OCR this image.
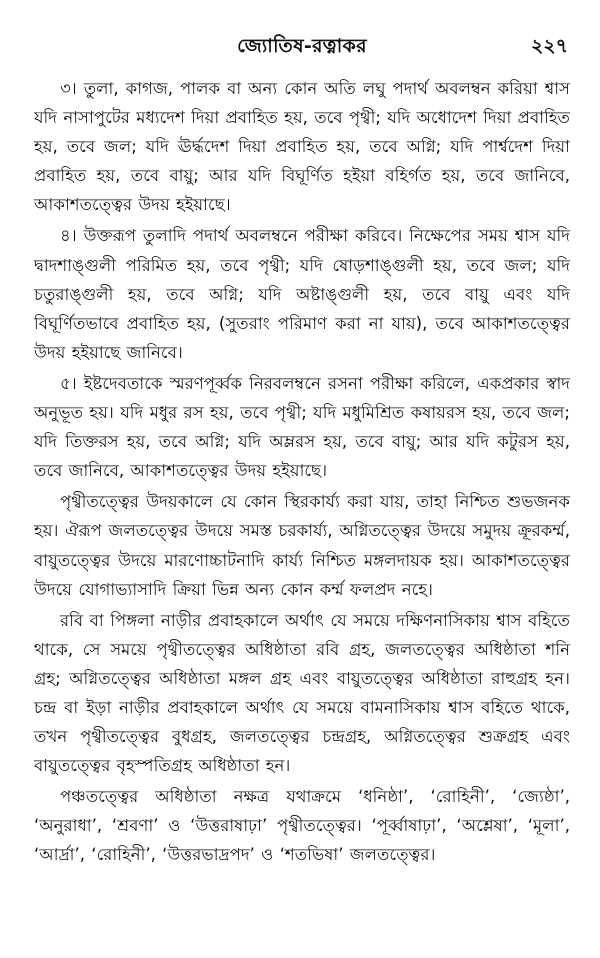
জ্যোতিষ-রত্নাকর	২২৭

৩। তুলা, কাগজ, পালক বা অন্য কোন অতি লঘু পদার্থ অবলম্বন করিয়া শ্বাস যদি নাসাপুটের মধ্যদেশ দিয়া প্রবাহিত হয়, তবে পৃথ্বী; যদি অধোদেশ দিয়া প্রবাহিত হয়, তবে জল; যদি ঊর্দ্ধদেশ দিয়া প্রবাহিত হয়, তবে অগ্নি; যদি পার্শ্বদেশ দিয়া প্রবাহিত হয়, তবে বায়ু; আর যদি বিঘূর্ণিত হইয়া বহির্গত হয়, তবে জানিবে, আকাশতত্ত্বের উদয় হইয়াছে।

৪। উক্তরূপ তুলাদি পদার্থ অবলম্বনে পরীক্ষা করিবে। নিক্ষেপের সময় শ্বাস যদি দ্বাদশাঙ্গুলী পরিমিত হয়, তবে পৃথ্বী; যদি ষোড়শাঙ্গুলী হয়, তবে জল; যদি চতুরাঙ্গুলী হয়, তবে অগ্নি; যদি অষ্টাঙ্গুলী হয়, তবে বায়ু এবং যদি বিঘূর্ণিতভাবে প্রবাহিত হয়, (সুতরাং পরিমাণ করা না যায়), তবে আকাশতত্ত্বের উদয় হইয়াছে জানিবে।

৫। ইষ্টদেবতাকে স্মরণপূর্ব্বক নিরবলম্বনে রসনা পরীক্ষা করিলে, একপ্রকার স্বাদ অনুভূত হয়। যদি মধুর রস হয়, তবে পৃথ্বী; যদি মধুমিশ্রিত কষায়রস হয়, তবে জল; যদি তিক্তরস হয়, তবে অগ্নি; যদি অম্লরস হয়, তবে বায়ু; আর যদি কটুরস হয়, তবে জানিবে, আকাশতত্ত্বের উদয় হইয়াছে।

পৃথ্বীতত্ত্বের উদয়কালে যে কোন স্থিরকার্য্য করা যায়, তাহা নিশ্চিত শুভজনক হয়। ঐরূপ জলতত্ত্বের উদয়ে সমস্ত চরকার্য্য, অগ্নিতত্ত্বের উদয়ে সমুদয় ক্রূরকর্ম্ম, বায়ুতত্ত্বের উদয়ে মারণোচ্চাটনাদি কার্য্য নিশ্চিত মঙ্গলদায়ক হয়। আকাশতত্ত্বের উদয়ে যোগাভ্যাসাদি ক্রিয়া ভিন্ন অন্য কোন কর্ম্ম ফলপ্রদ নহে।

রবি বা পিঙ্গলা নাড়ীর প্রবাহকালে অর্থাৎ যে সময়ে দক্ষিণনাসিকায় শ্বাস বহিতে থাকে, সে সময়ে পৃথ্বীতত্ত্বের অধিষ্ঠাতা রবি গ্রহ, জলতত্ত্বের অধিষ্ঠাতা শনি গ্রহ; অগ্নিতত্ত্বের অধিষ্ঠাতা মঙ্গল গ্রহ এবং বায়ুতত্ত্বের অধিষ্ঠাতা রাহুগ্রহ হন। চন্দ্র বা ইড়া নাড়ীর প্রবাহকালে অর্থাৎ যে সময়ে বামনাসিকায় শ্বাস বহিতে থাকে, তখন পৃথ্বীতত্ত্বের বুধগ্রহ, জলতত্ত্বের চন্দ্রগ্রহ, অগ্নিতত্ত্বের শুক্রগ্রহ এবং বায়ুতত্ত্বের বৃহস্পতিগ্রহ অধিষ্ঠাতা হন।

পঞ্চতত্ত্বের অধিষ্ঠাতা নক্ষত্র যথাক্রমে ‘ধনিষ্ঠা’, ‘রোহিনী’, ‘জ্যেষ্ঠা’, ‘অনুরাধা’, ‘শ্রবণা’ ও ‘উত্তরাষাঢ়া’ পৃথ্বীতত্ত্বের। ‘পূর্ব্বাষাঢ়া’, ‘অশ্লেষা’, ‘মূলা’, ‘আর্দ্রা’, ‘রোহিনী’, ‘উত্তরভাদ্রপদ’ ও ‘শতভিষা’ জলতত্ত্বের।
